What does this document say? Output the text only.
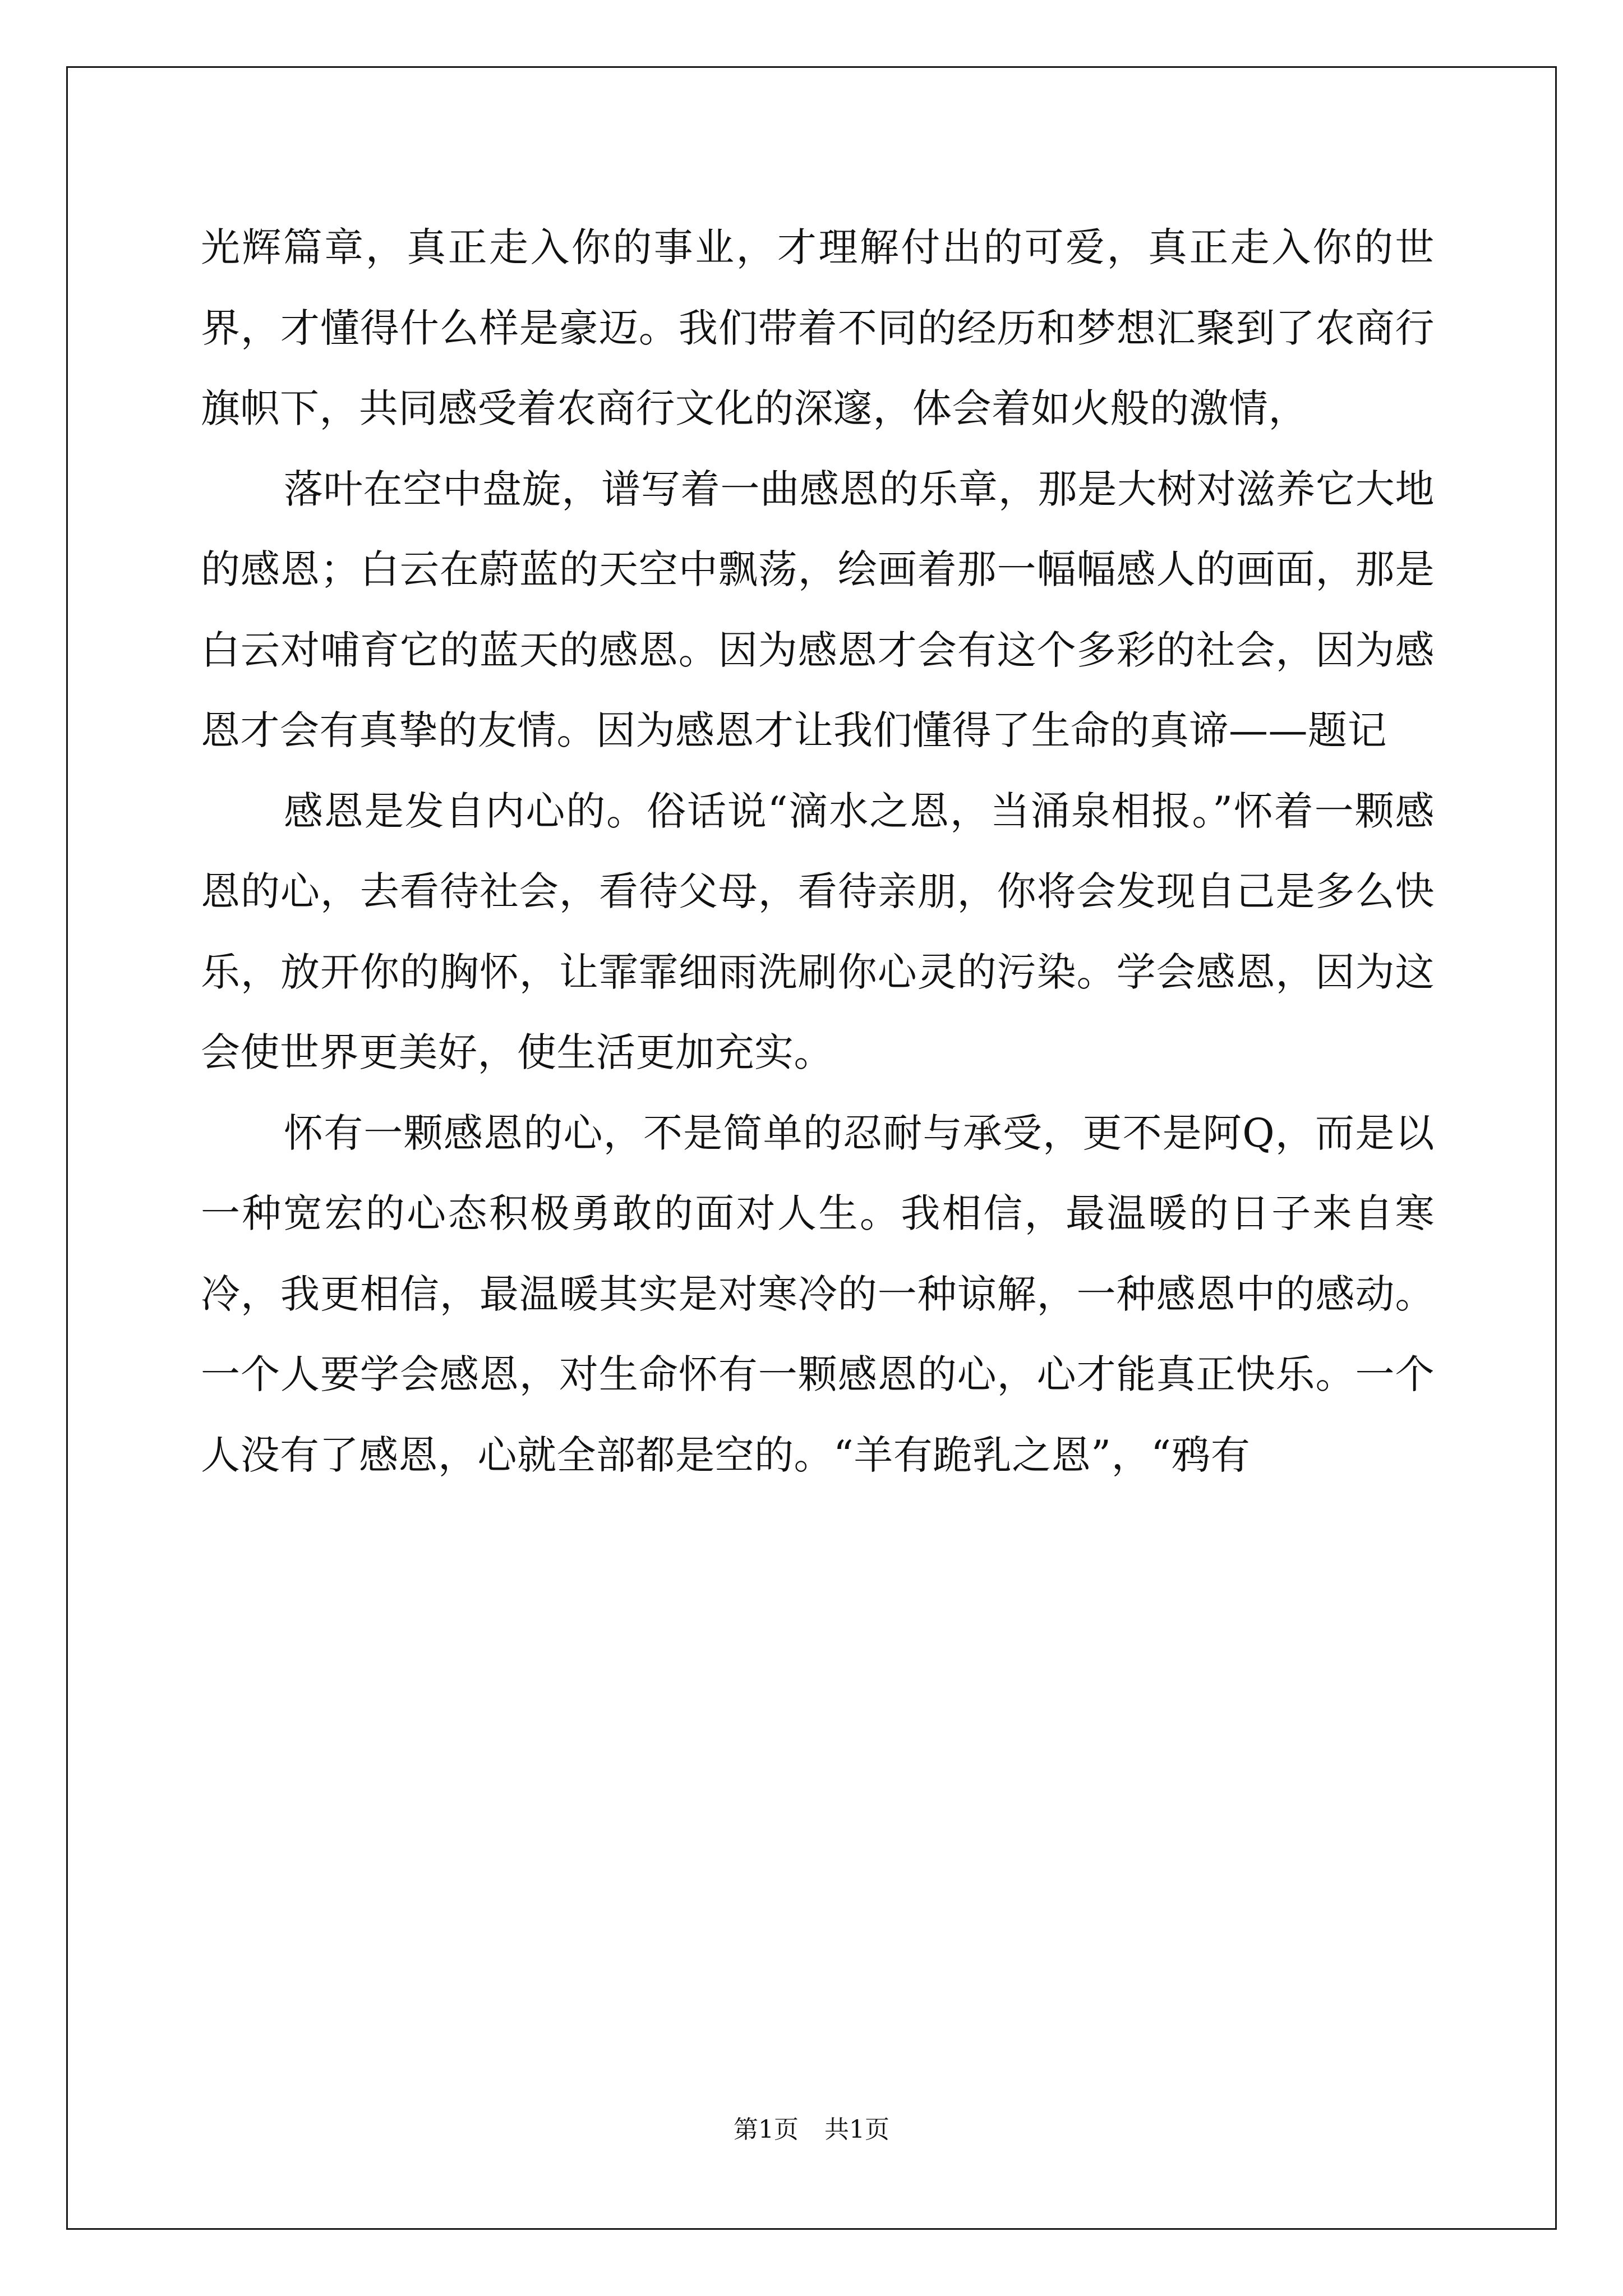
光辉篇章，真正走入你的事业，才理解付出的可爱，真正走入你的世界，才懂得什么样是豪迈。我们带着不同的经历和梦想汇聚到了农商行旗帜下，共同感受着农商行文化的深邃，体会着如火般的激情，

落叶在空中盘旋，谱写着一曲感恩的乐章，那是大树对滋养它大地的感恩；白云在蔚蓝的天空中飘荡，绘画着那一幅幅感人的画面，那是白云对哺育它的蓝天的感恩。因为感恩才会有这个多彩的社会，因为感恩才会有真挚的友情。因为感恩才让我们懂得了生命的真谛——题记

感恩是发自内心的。俗话说“滴水之恩，当涌泉相报。”怀着一颗感恩的心，去看待社会，看待父母，看待亲朋，你将会发现自己是多么快乐，放开你的胸怀，让霏霏细雨洗刷你心灵的污染。学会感恩，因为这会使世界更美好，使生活更加充实。

怀有一颗感恩的心，不是简单的忍耐与承受，更不是阿Q，而是以一种宽宏的心态积极勇敢的面对人生。我相信，最温暖的日子来自寒冷，我更相信，最温暖其实是对寒冷的一种谅解，一种感恩中的感动。一个人要学会感恩，对生命怀有一颗感恩的心，心才能真正快乐。一个人没有了感恩，心就全部都是空的。“羊有跪乳之恩”，“鸦有

第1页 共1页
